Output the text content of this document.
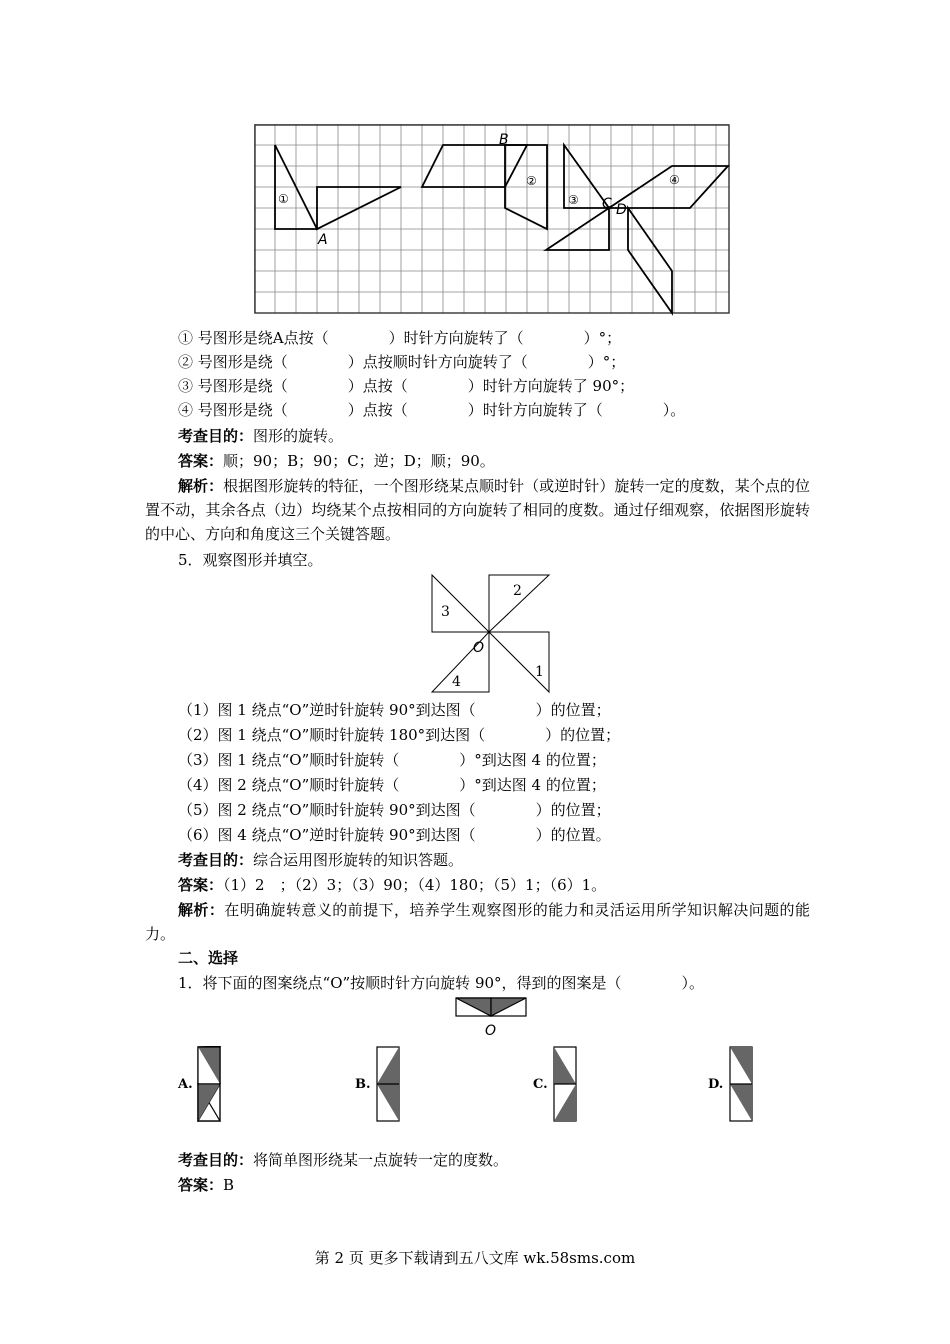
A
B
C D
①
②
③
④
① 号图形是绕A点按（　　　　）时针方向旋转了（　　　　）°；
② 号图形是绕（　　　　）点按顺时针方向旋转了（　　　　）°；
③ 号图形是绕（　　　　）点按（　　　　）时针方向旋转了 90°；
④ 号图形是绕（　　　　）点按（　　　　）时针方向旋转了（　　　　）。
考查目的：图形的旋转。
答案：顺；90；B；90；C；逆；D；顺；90。
解析：根据图形旋转的特征，一个图形绕某点顺时针（或逆时针）旋转一定的度数，某个点的位置不动，其余各点（边）均绕某个点按相同的方向旋转了相同的度数。通过仔细观察，依据图形旋转的中心、方向和角度这三个关键答题。
5．观察图形并填空。
1
2
3
4
O
（1）图 1 绕点“O”逆时针旋转 90°到达图（　　　　）的位置；
（2）图 1 绕点“O”顺时针旋转 180°到达图（　　　　）的位置；
（3）图 1 绕点“O”顺时针旋转（　　　　）°到达图 4 的位置；
（4）图 2 绕点“O”顺时针旋转（　　　　）°到达图 4 的位置；
（5）图 2 绕点“O”顺时针旋转 90°到达图（　　　　）的位置；
（6）图 4 绕点“O”逆时针旋转 90°到达图（　　　　）的位置。
考查目的：综合运用图形旋转的知识答题。
答案：（1）2　；（2）3；（3）90；（4）180；（5）1；（6）1。
解析：在明确旋转意义的前提下，培养学生观察图形的能力和灵活运用所学知识解决问题的能力。
二、选择
1．将下面的图案绕点“O”按顺时针方向旋转 90°，得到的图案是（　　　　）。
O
A.	B.	C.	D.
考查目的：将简单图形绕某一点旋转一定的度数。
答案：B
第 2 页 更多下载请到五八文库 wk.58sms.com
